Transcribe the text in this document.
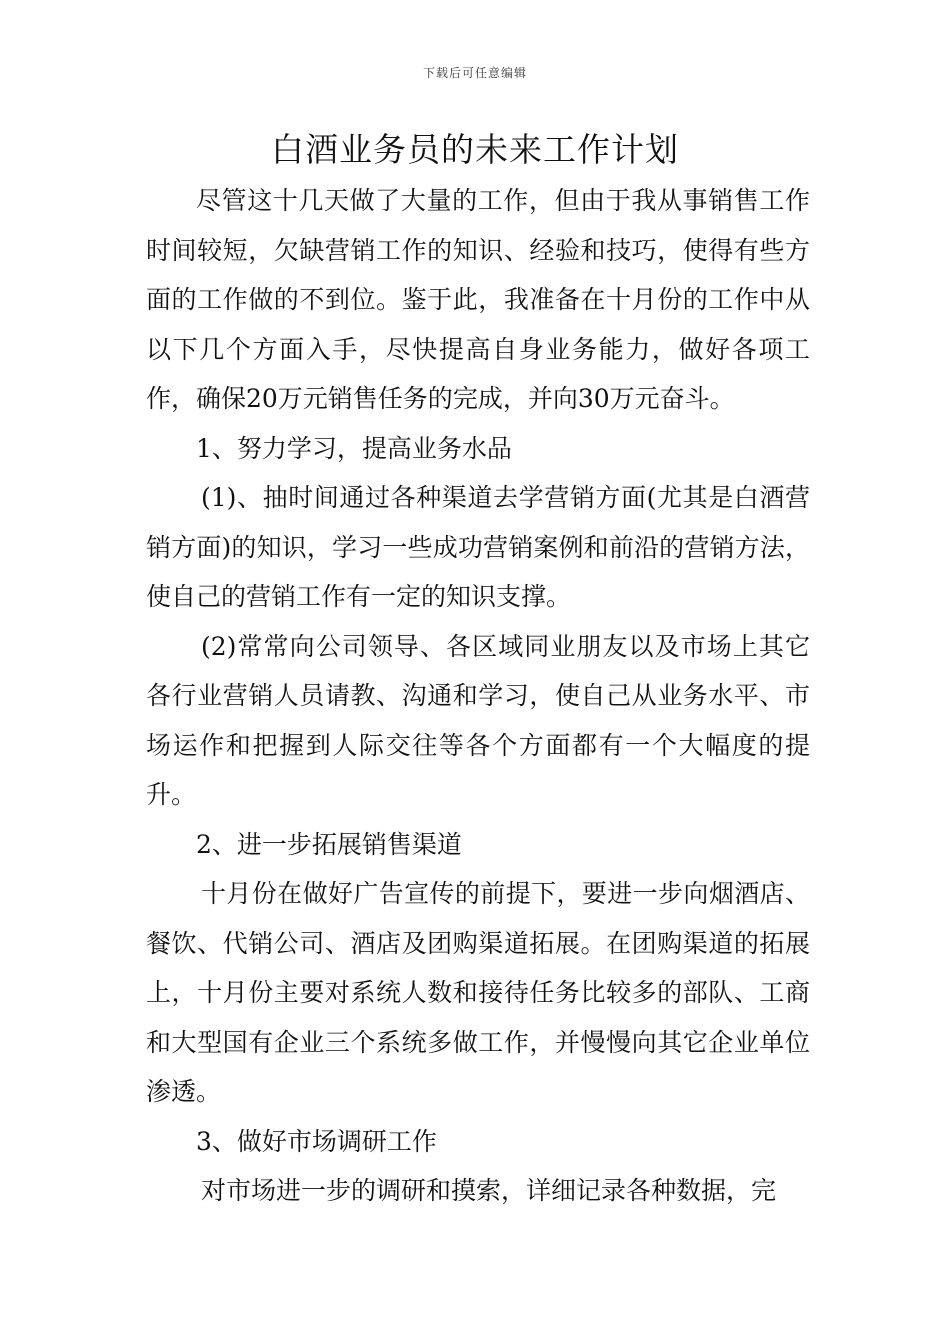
下载后可任意编辑
白酒业务员的未来工作计划

尽管这十几天做了大量的工作，但由于我从事销售工作时间较短，欠缺营销工作的知识、经验和技巧，使得有些方面的工作做的不到位。鉴于此，我准备在十月份的工作中从以下几个方面入手，尽快提高自身业务能力，做好各项工作，确保20万元销售任务的完成，并向30万元奋斗。

1、努力学习，提高业务水品

(1)、抽时间通过各种渠道去学营销方面(尤其是白酒营销方面)的知识，学习一些成功营销案例和前沿的营销方法，使自己的营销工作有一定的知识支撑。

(2)常常向公司领导、各区域同业朋友以及市场上其它各行业营销人员请教、沟通和学习，使自己从业务水平、市场运作和把握到人际交往等各个方面都有一个大幅度的提升。

2、进一步拓展销售渠道

十月份在做好广告宣传的前提下，要进一步向烟酒店、餐饮、代销公司、酒店及团购渠道拓展。在团购渠道的拓展上，十月份主要对系统人数和接待任务比较多的部队、工商和大型国有企业三个系统多做工作，并慢慢向其它企业单位渗透。

3、做好市场调研工作

对市场进一步的调研和摸索，详细记录各种数据，完
